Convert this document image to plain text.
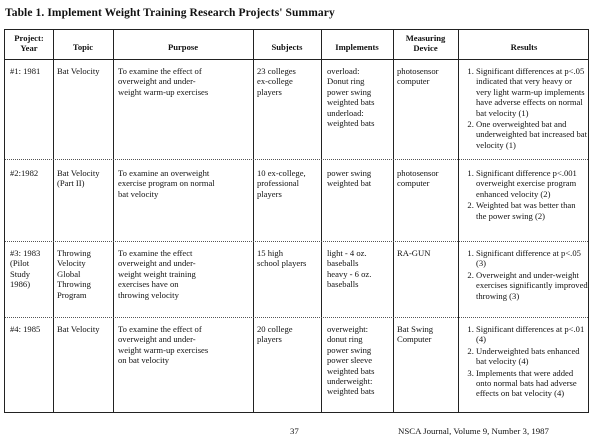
Table 1. Implement Weight Training Research Projects' Summary
Project:
Year	Topic	Purpose	Subjects	Implements
Measuring
Device	Results
#1: 1981	Bat Velocity	To examine the effect of
overweight and under-
weight warm-up exercises
23 colleges
ex-college
players
overload:
Donut ring
power swing
weighted bats
underload:
weighted bats
photosensor
computer
1. Significant differences at p<.05 indicated that very heavy or very light warm-up implements have adverse effects on normal bat velocity (1)
2. One overweighted bat and underweighted bat increased bat velocity (1)
#2:1982	Bat Velocity
(Part II)
To examine an overweight
exercise program on normal
bat velocity
10 ex-college,
professional
players
power swing
weighted bat
photosensor
computer
1. Significant difference p<.001 overweight exercise program enhanced velocity (2)
2. Weighted bat was better than the power swing (2)
#3: 1983
(Pilot
Study
1986)
Throwing
Velocity
Global
Throwing
Program
To examine the effect
overweight and under-
weight weight training
exercises have on
throwing velocity
15 high
school players
light - 4 oz.
baseballs
heavy - 6 oz.
baseballs
RA-GUN
1.	Significant difference at p<.05 (3)
2. Overweight and under-weight exercises significantly improved throwing (3)
#4: 1985	Bat Velocity	To examine the effect of
overweight and under-
weight warm-up exercises
on bat velocity
20 college
players
overweight:
donut ring
power swing
power sleeve
weighted bats
underweight:
weighted bats
Bat Swing
Computer
1. Significant differences at p<.01 (4)
2. Underweighted bats enhanced bat velocity (4)
3. Implements that were added onto normal bats had adverse effects on bat velocity (4)
37	NSCA Journal, Volume 9, Number 3, 1987
